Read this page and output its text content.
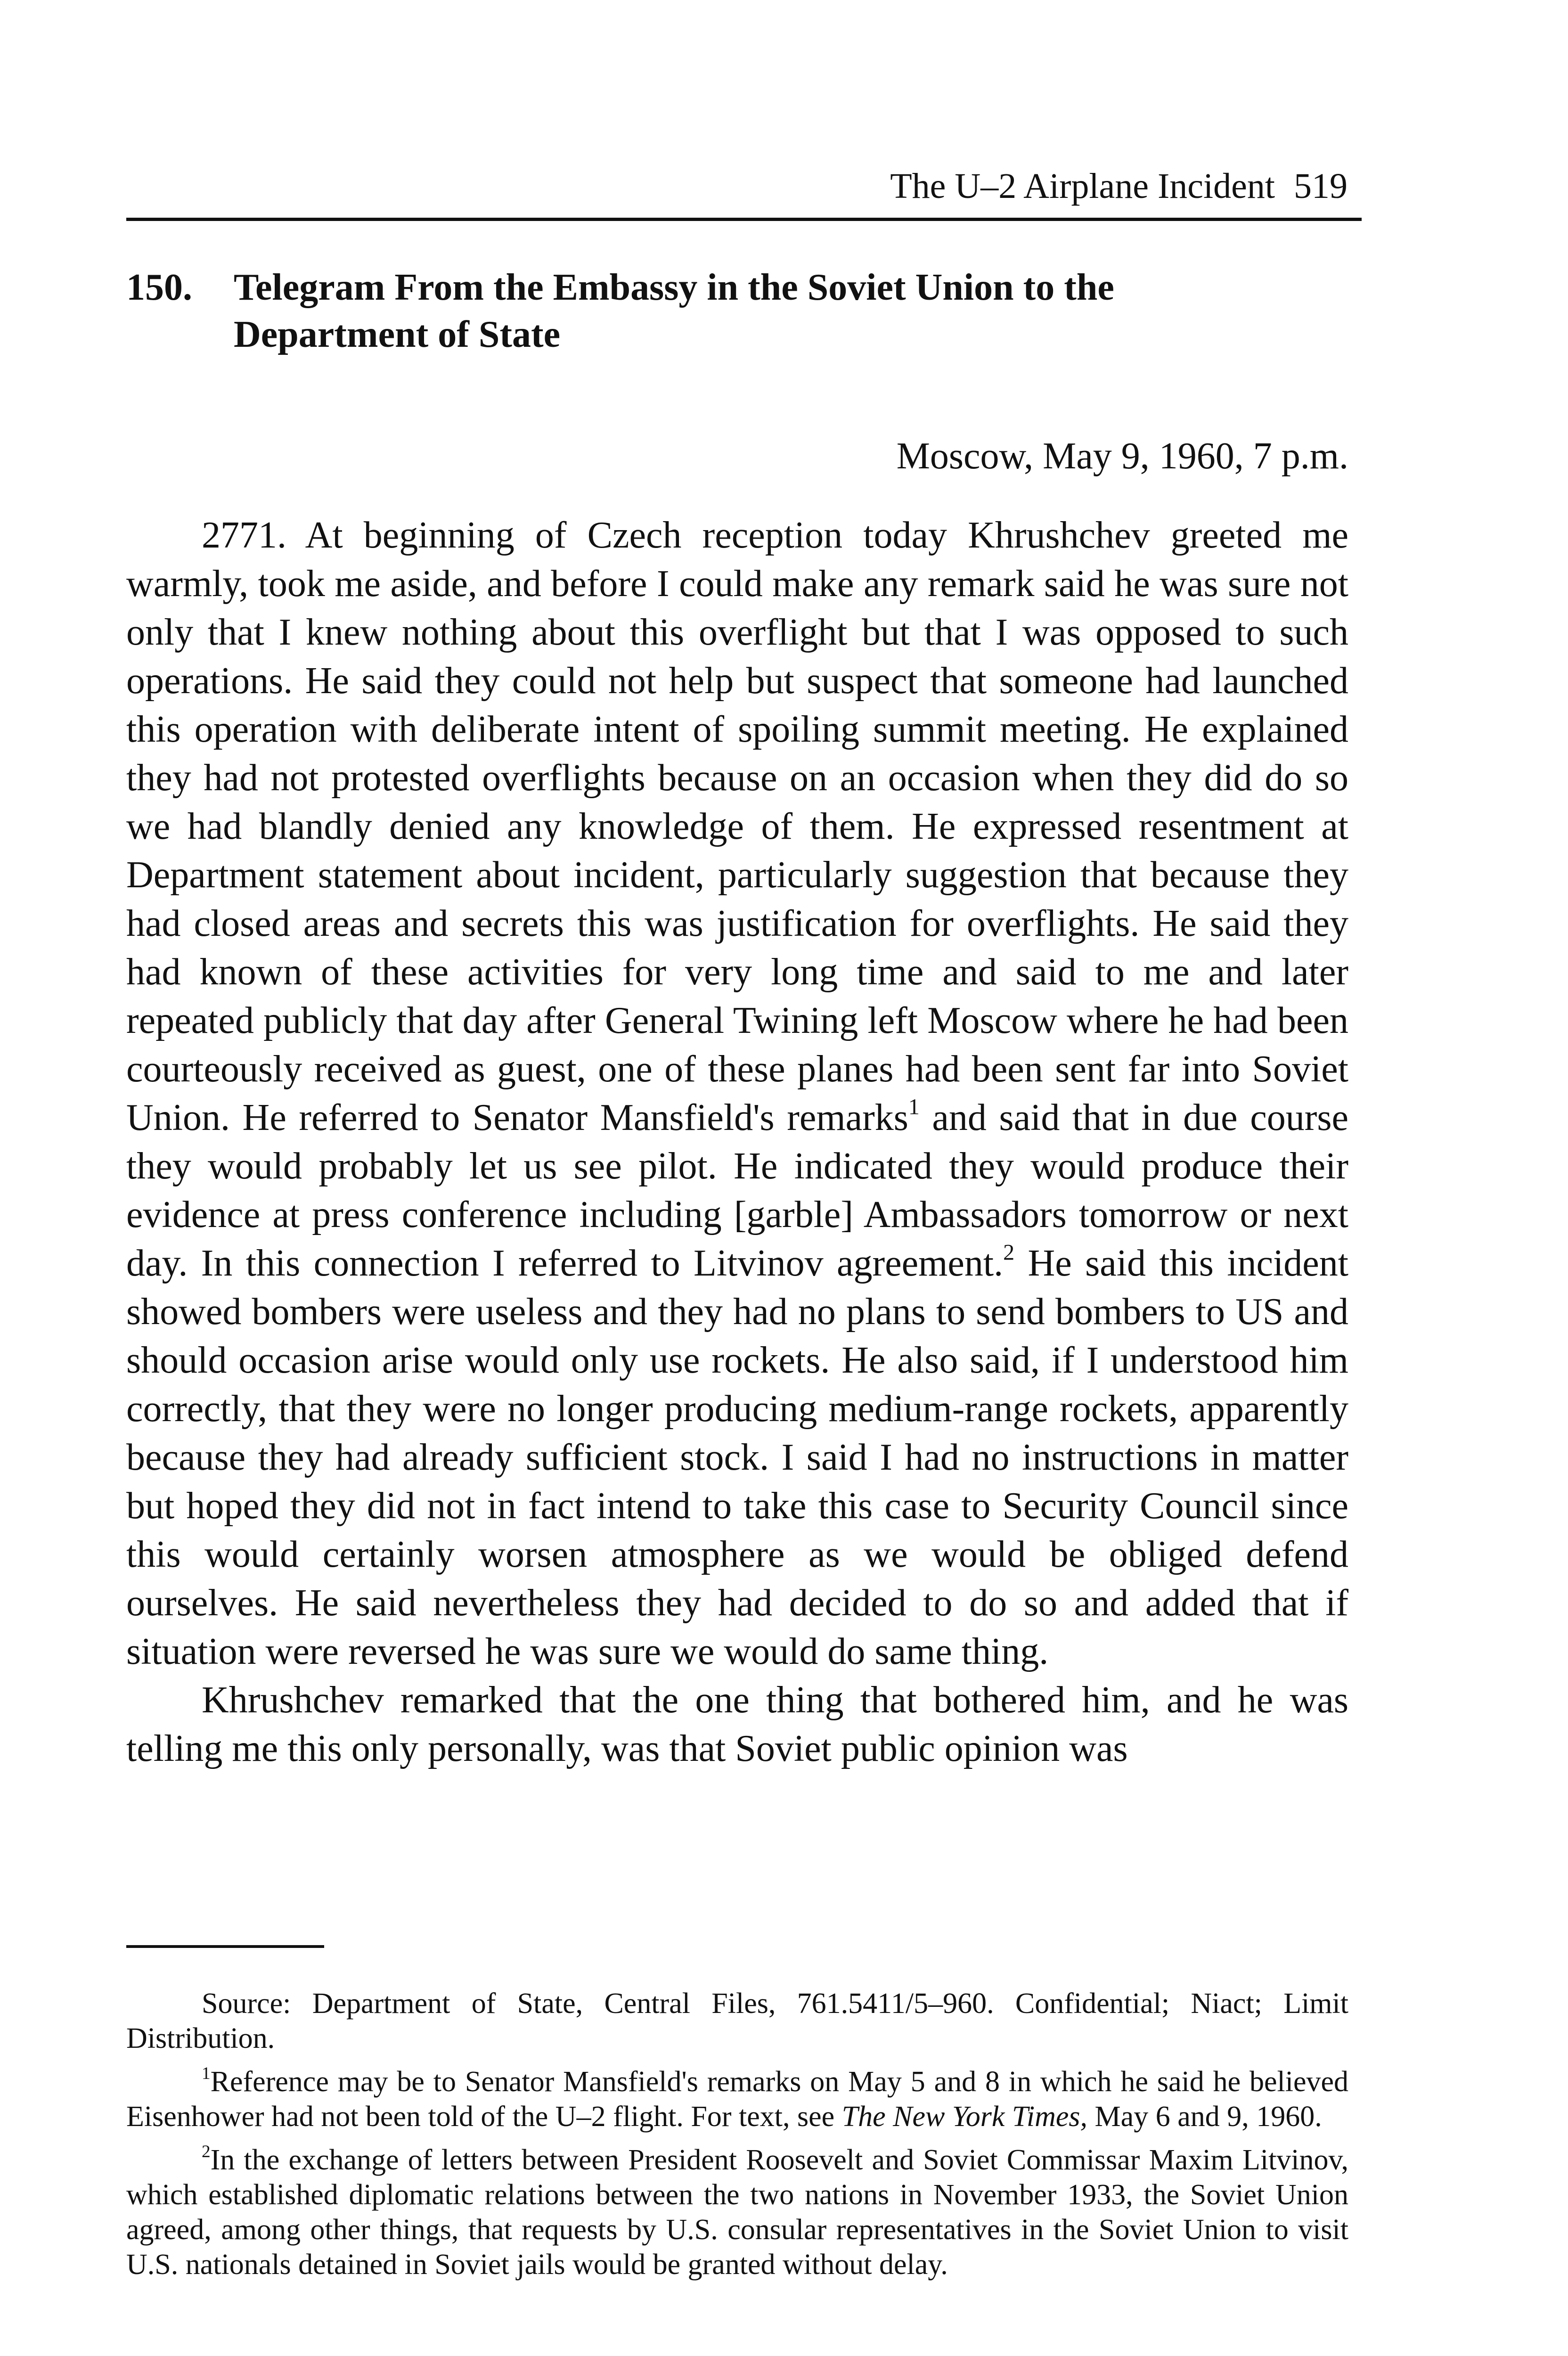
The U–2 Airplane Incident 519
150. Telegram From the Embassy in the Soviet Union to the Department of State
Moscow, May 9, 1960, 7 p.m.

2771. At beginning of Czech reception today Khrushchev greeted me warmly, took me aside, and before I could make any remark said he was sure not only that I knew nothing about this overflight but that I was opposed to such operations. He said they could not help but suspect that someone had launched this operation with deliberate intent of spoiling summit meeting. He explained they had not protested overflights because on an occasion when they did do so we had blandly denied any knowledge of them. He expressed resentment at Department statement about incident, particularly suggestion that because they had closed areas and secrets this was justification for overflights. He said they had known of these activities for very long time and said to me and later repeated publicly that day after General Twining left Moscow where he had been courteously received as guest, one of these planes had been sent far into Soviet Union. He referred to Senator Mansfield's remarks$^1$ and said that in due course they would probably let us see pilot. He indicated they would produce their evidence at press conference including [garble] Ambassadors tomorrow or next day. In this connection I referred to Litvinov agreement.$^2$ He said this incident showed bombers were useless and they had no plans to send bombers to US and should occasion arise would only use rockets. He also said, if I understood him correctly, that they were no longer producing medium-range rockets, apparently because they had already sufficient stock. I said I had no instructions in matter but hoped they did not in fact intend to take this case to Security Council since this would certainly worsen atmosphere as we would be obliged defend ourselves. He said nevertheless they had decided to do so and added that if situation were reversed he was sure we would do same thing.

Khrushchev remarked that the one thing that bothered him, and he was telling me this only personally, was that Soviet public opinion was

Source: Department of State, Central Files, 761.5411/5–960. Confidential; Niact; Limit Distribution.

$^1$Reference may be to Senator Mansfield's remarks on May 5 and 8 in which he said he believed Eisenhower had not been told of the U–2 flight. For text, see The New York Times, May 6 and 9, 1960.

$^2$In the exchange of letters between President Roosevelt and Soviet Commissar Maxim Litvinov, which established diplomatic relations between the two nations in November 1933, the Soviet Union agreed, among other things, that requests by U.S. consular representatives in the Soviet Union to visit U.S. nationals detained in Soviet jails would be granted without delay.
